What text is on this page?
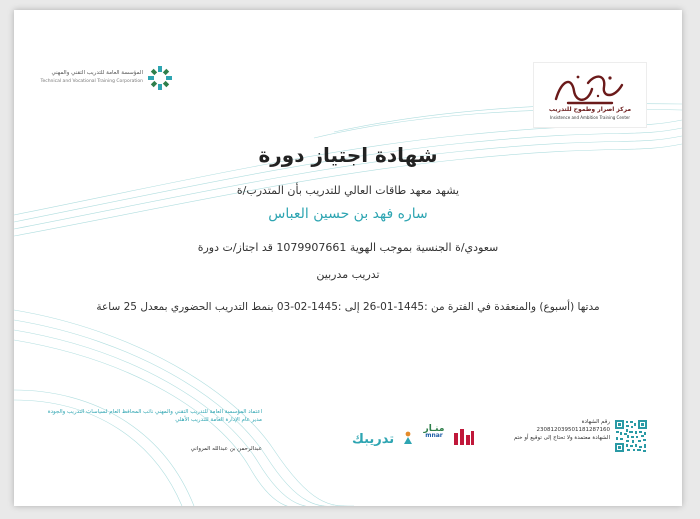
المؤسسة العامة للتدريب التقني والمهني
Technical and Vocational Training Corporation
مركز اصرار وطموح للتدريب
Insistence and Ambition Training Center
شهادة اجتياز دورة
يشهد معهد طاقات العالي للتدريب بأن المتدرب/ة
ساره فهد بن حسين العباس
سعودي/ة الجنسية بموجب الهوية 1079907661 قد اجتاز/ت دورة
تدريب مدربين
مدتها (أسبوع) والمنعقدة في الفترة من :1445-01-26 إلى :1445-02-03 بنمط التدريب الحضوري بمعدل 25 ساعة
اعتماد المؤسسة العامة للتدريب التقني والمهني نائب المحافظ العام لسياسات التدريب والجودة مدير عام الإدارة العامة للتدريب الأهلي
عبدالرحمن بن عبدالله المرواني
تدريبك
منـار
mnar
رقم الشهادة
230812039501181287160
الشهادة معتمدة ولا تحتاج إلى توقيع أو ختم
